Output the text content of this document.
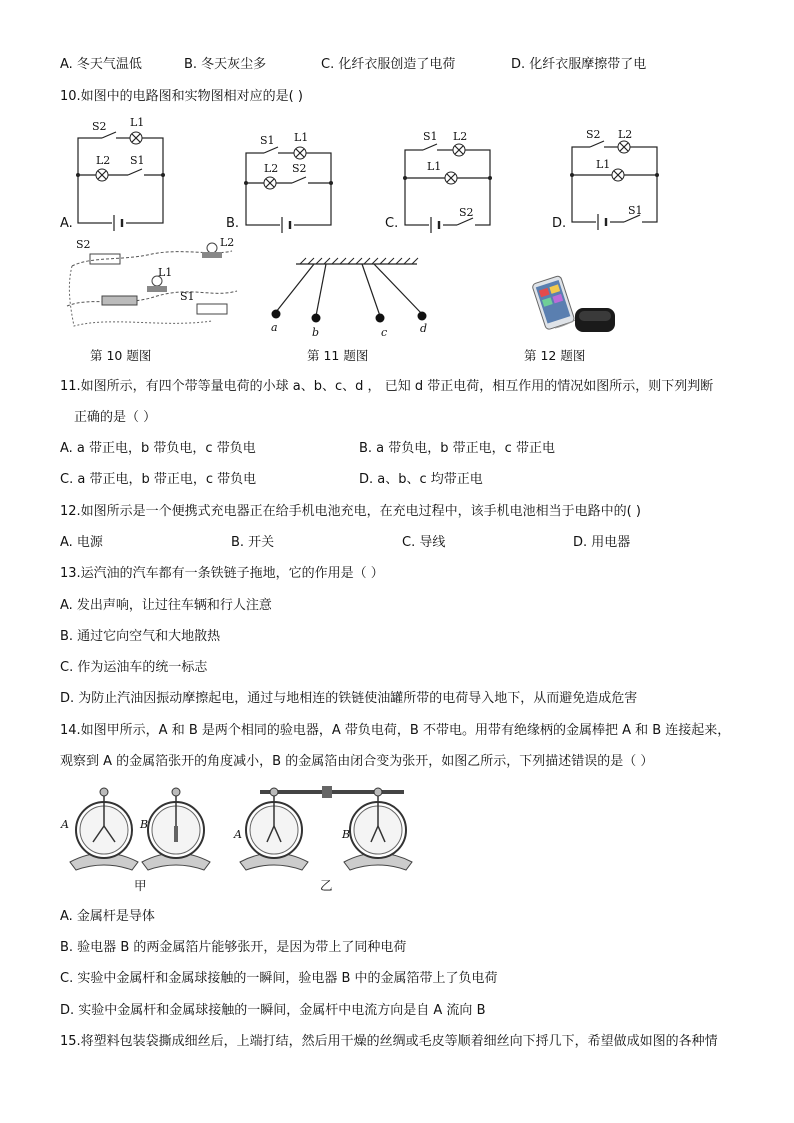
A. 冬天气温低	B. 冬天灰尘多	C. 化纤衣服创造了电荷	D. 化纤衣服摩擦带了电
10.如图中的电路图和实物图相对应的是( )
S2 L1
L2 S1
S1 L1
L2 S2
S1 L2
L1
S2
S2 L2
L1
S1
A.	B.	C.	D.
S2	L2
L1
S1
a	b	c	d
第 10 题图	第 11 题图	第 12 题图
11.如图所示，有四个带等量电荷的小球 a、b、c、d ， 已知 d 带正电荷，相互作用的情况如图所示，则下列判断
正确的是（ ）
A. a 带正电，b 带负电，c 带负电	B. a 带负电，b 带正电，c 带正电
C. a 带正电，b 带正电，c 带负电	D. a、b、c 均带正电
12.如图所示是一个便携式充电器正在给手机电池充电，在充电过程中，该手机电池相当于电路中的( )
A. 电源	B. 开关	C. 导线	D. 用电器
13.运汽油的汽车都有一条铁链子拖地，它的作用是（ ）
A. 发出声响，让过往车辆和行人注意
B. 通过它向空气和大地散热
C. 作为运油车的统一标志
D. 为防止汽油因振动摩擦起电，通过与地相连的铁链使油罐所带的电荷导入地下，从而避免造成危害
14.如图甲所示，A 和 B 是两个相同的验电器，A 带负电荷，B 不带电。用带有绝缘柄的金属棒把 A 和 B 连接起来，
观察到 A 的金属箔张开的角度减小，B 的金属箔由闭合变为张开，如图乙所示，下列描述错误的是（ ）
A	B
A	B
甲	乙
A. 金属杆是导体
B. 验电器 B 的两金属箔片能够张开，是因为带上了同种电荷
C. 实验中金属杆和金属球接触的一瞬间，验电器 B 中的金属箔带上了负电荷
D. 实验中金属杆和金属球接触的一瞬间，金属杆中电流方向是自 A 流向 B
15.将塑料包装袋撕成细丝后，上端打结，然后用干燥的丝绸或毛皮等顺着细丝向下捋几下，希望做成如图的各种情
